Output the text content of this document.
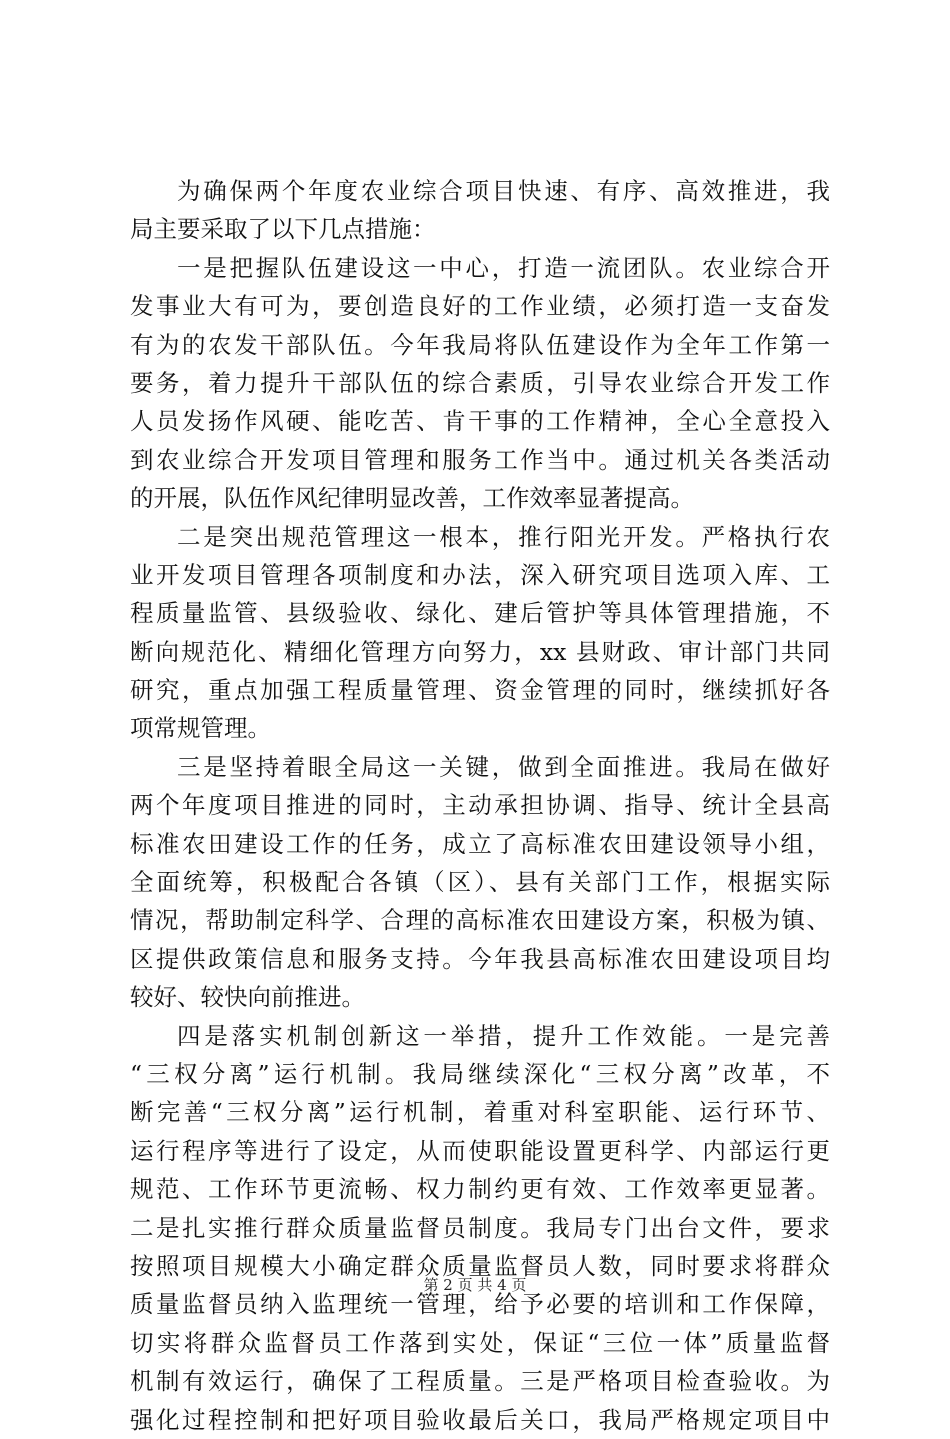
为确保两个年度农业综合项目快速、有序、高效推进，我
局主要采取了以下几点措施：
一是把握队伍建设这一中心，打造一流团队。农业综合开
发事业大有可为，要创造良好的工作业绩，必须打造一支奋发
有为的农发干部队伍。今年我局将队伍建设作为全年工作第一
要务，着力提升干部队伍的综合素质，引导农业综合开发工作
人员发扬作风硬、能吃苦、肯干事的工作精神，全心全意投入
到农业综合开发项目管理和服务工作当中。通过机关各类活动
的开展，队伍作风纪律明显改善，工作效率显著提高。
二是突出规范管理这一根本，推行阳光开发。严格执行农
业开发项目管理各项制度和办法，深入研究项目选项入库、工
程质量监管、县级验收、绿化、建后管护等具体管理措施，不
断向规范化、精细化管理方向努力，xx 县财政、审计部门共同
研究，重点加强工程质量管理、资金管理的同时，继续抓好各
项常规管理。
三是坚持着眼全局这一关键，做到全面推进。我局在做好
两个年度项目推进的同时，主动承担协调、指导、统计全县高
标准农田建设工作的任务，成立了高标准农田建设领导小组，
全面统筹，积极配合各镇（区）、县有关部门工作，根据实际
情况，帮助制定科学、合理的高标准农田建设方案，积极为镇、
区提供政策信息和服务支持。今年我县高标准农田建设项目均
较好、较快向前推进。
四是落实机制创新这一举措，提升工作效能。一是完善
“三权分离”运行机制。我局继续深化“三权分离”改革，不
断完善“三权分离”运行机制，着重对科室职能、运行环节、
运行程序等进行了设定，从而使职能设置更科学、内部运行更
规范、工作环节更流畅、权力制约更有效、工作效率更显著。
二是扎实推行群众质量监督员制度。我局专门出台文件，要求
按照项目规模大小确定群众质量监督员人数，同时要求将群众
质量监督员纳入监理统一管理，给予必要的培训和工作保障，
切实将群众监督员工作落到实处，保证“三位一体”质量监督
机制有效运行，确保了工程质量。三是严格项目检查验收。为
强化过程控制和把好项目验收最后关口，我局严格规定项目中
第 2 页 共 4 页
